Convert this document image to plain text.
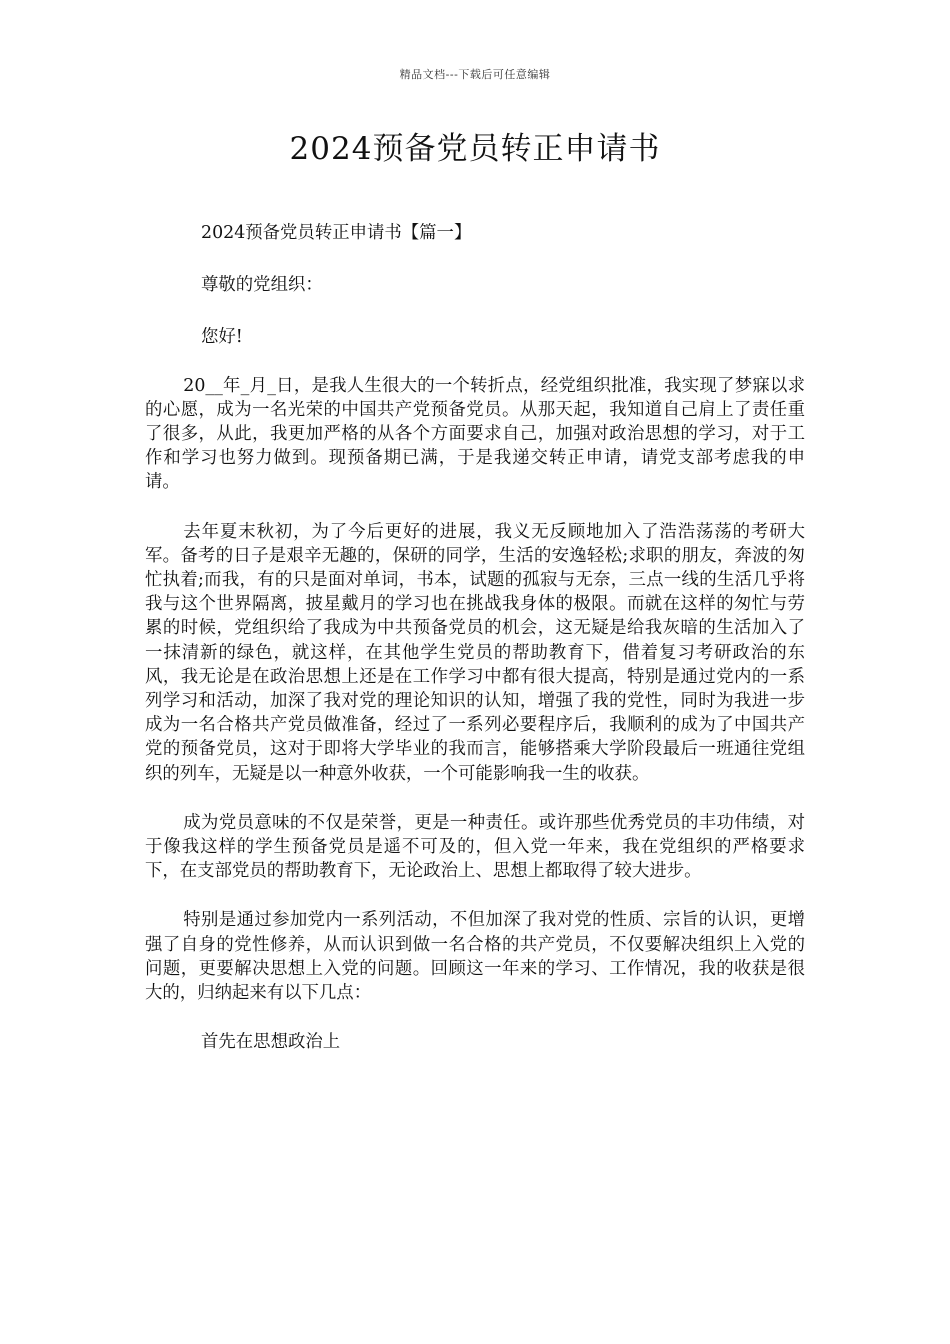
精品文档---下载后可任意编辑
2024预备党员转正申请书
2024预备党员转正申请书【篇一】
尊敬的党组织：
您好!

20__年_月_日，是我人生很大的一个转折点，经党组织批准，我实现了梦寐以求的心愿，成为一名光荣的中国共产党预备党员。从那天起，我知道自己肩上了责任重了很多，从此，我更加严格的从各个方面要求自己，加强对政治思想的学习，对于工作和学习也努力做到。现预备期已满，于是我递交转正申请，请党支部考虑我的申请。

去年夏末秋初，为了今后更好的进展，我义无反顾地加入了浩浩荡荡的考研大军。备考的日子是艰辛无趣的，保研的同学，生活的安逸轻松;求职的朋友，奔波的匆忙执着;而我，有的只是面对单词，书本，试题的孤寂与无奈，三点一线的生活几乎将我与这个世界隔离，披星戴月的学习也在挑战我身体的极限。而就在这样的匆忙与劳累的时候，党组织给了我成为中共预备党员的机会，这无疑是给我灰暗的生活加入了一抹清新的绿色，就这样，在其他学生党员的帮助教育下，借着复习考研政治的东风，我无论是在政治思想上还是在工作学习中都有很大提高，特别是通过党内的一系列学习和活动，加深了我对党的理论知识的认知，增强了我的党性，同时为我进一步成为一名合格共产党员做准备，经过了一系列必要程序后，我顺利的成为了中国共产党的预备党员，这对于即将大学毕业的我而言，能够搭乘大学阶段最后一班通往党组织的列车，无疑是以一种意外收获，一个可能影响我一生的收获。

成为党员意味的不仅是荣誉，更是一种责任。或许那些优秀党员的丰功伟绩，对于像我这样的学生预备党员是遥不可及的，但入党一年来，我在党组织的严格要求下，在支部党员的帮助教育下，无论政治上、思想上都取得了较大进步。

特别是通过参加党内一系列活动，不但加深了我对党的性质、宗旨的认识，更增强了自身的党性修养，从而认识到做一名合格的共产党员，不仅要解决组织上入党的问题，更要解决思想上入党的问题。回顾这一年来的学习、工作情况，我的收获是很大的，归纳起来有以下几点：

首先在思想政治上
